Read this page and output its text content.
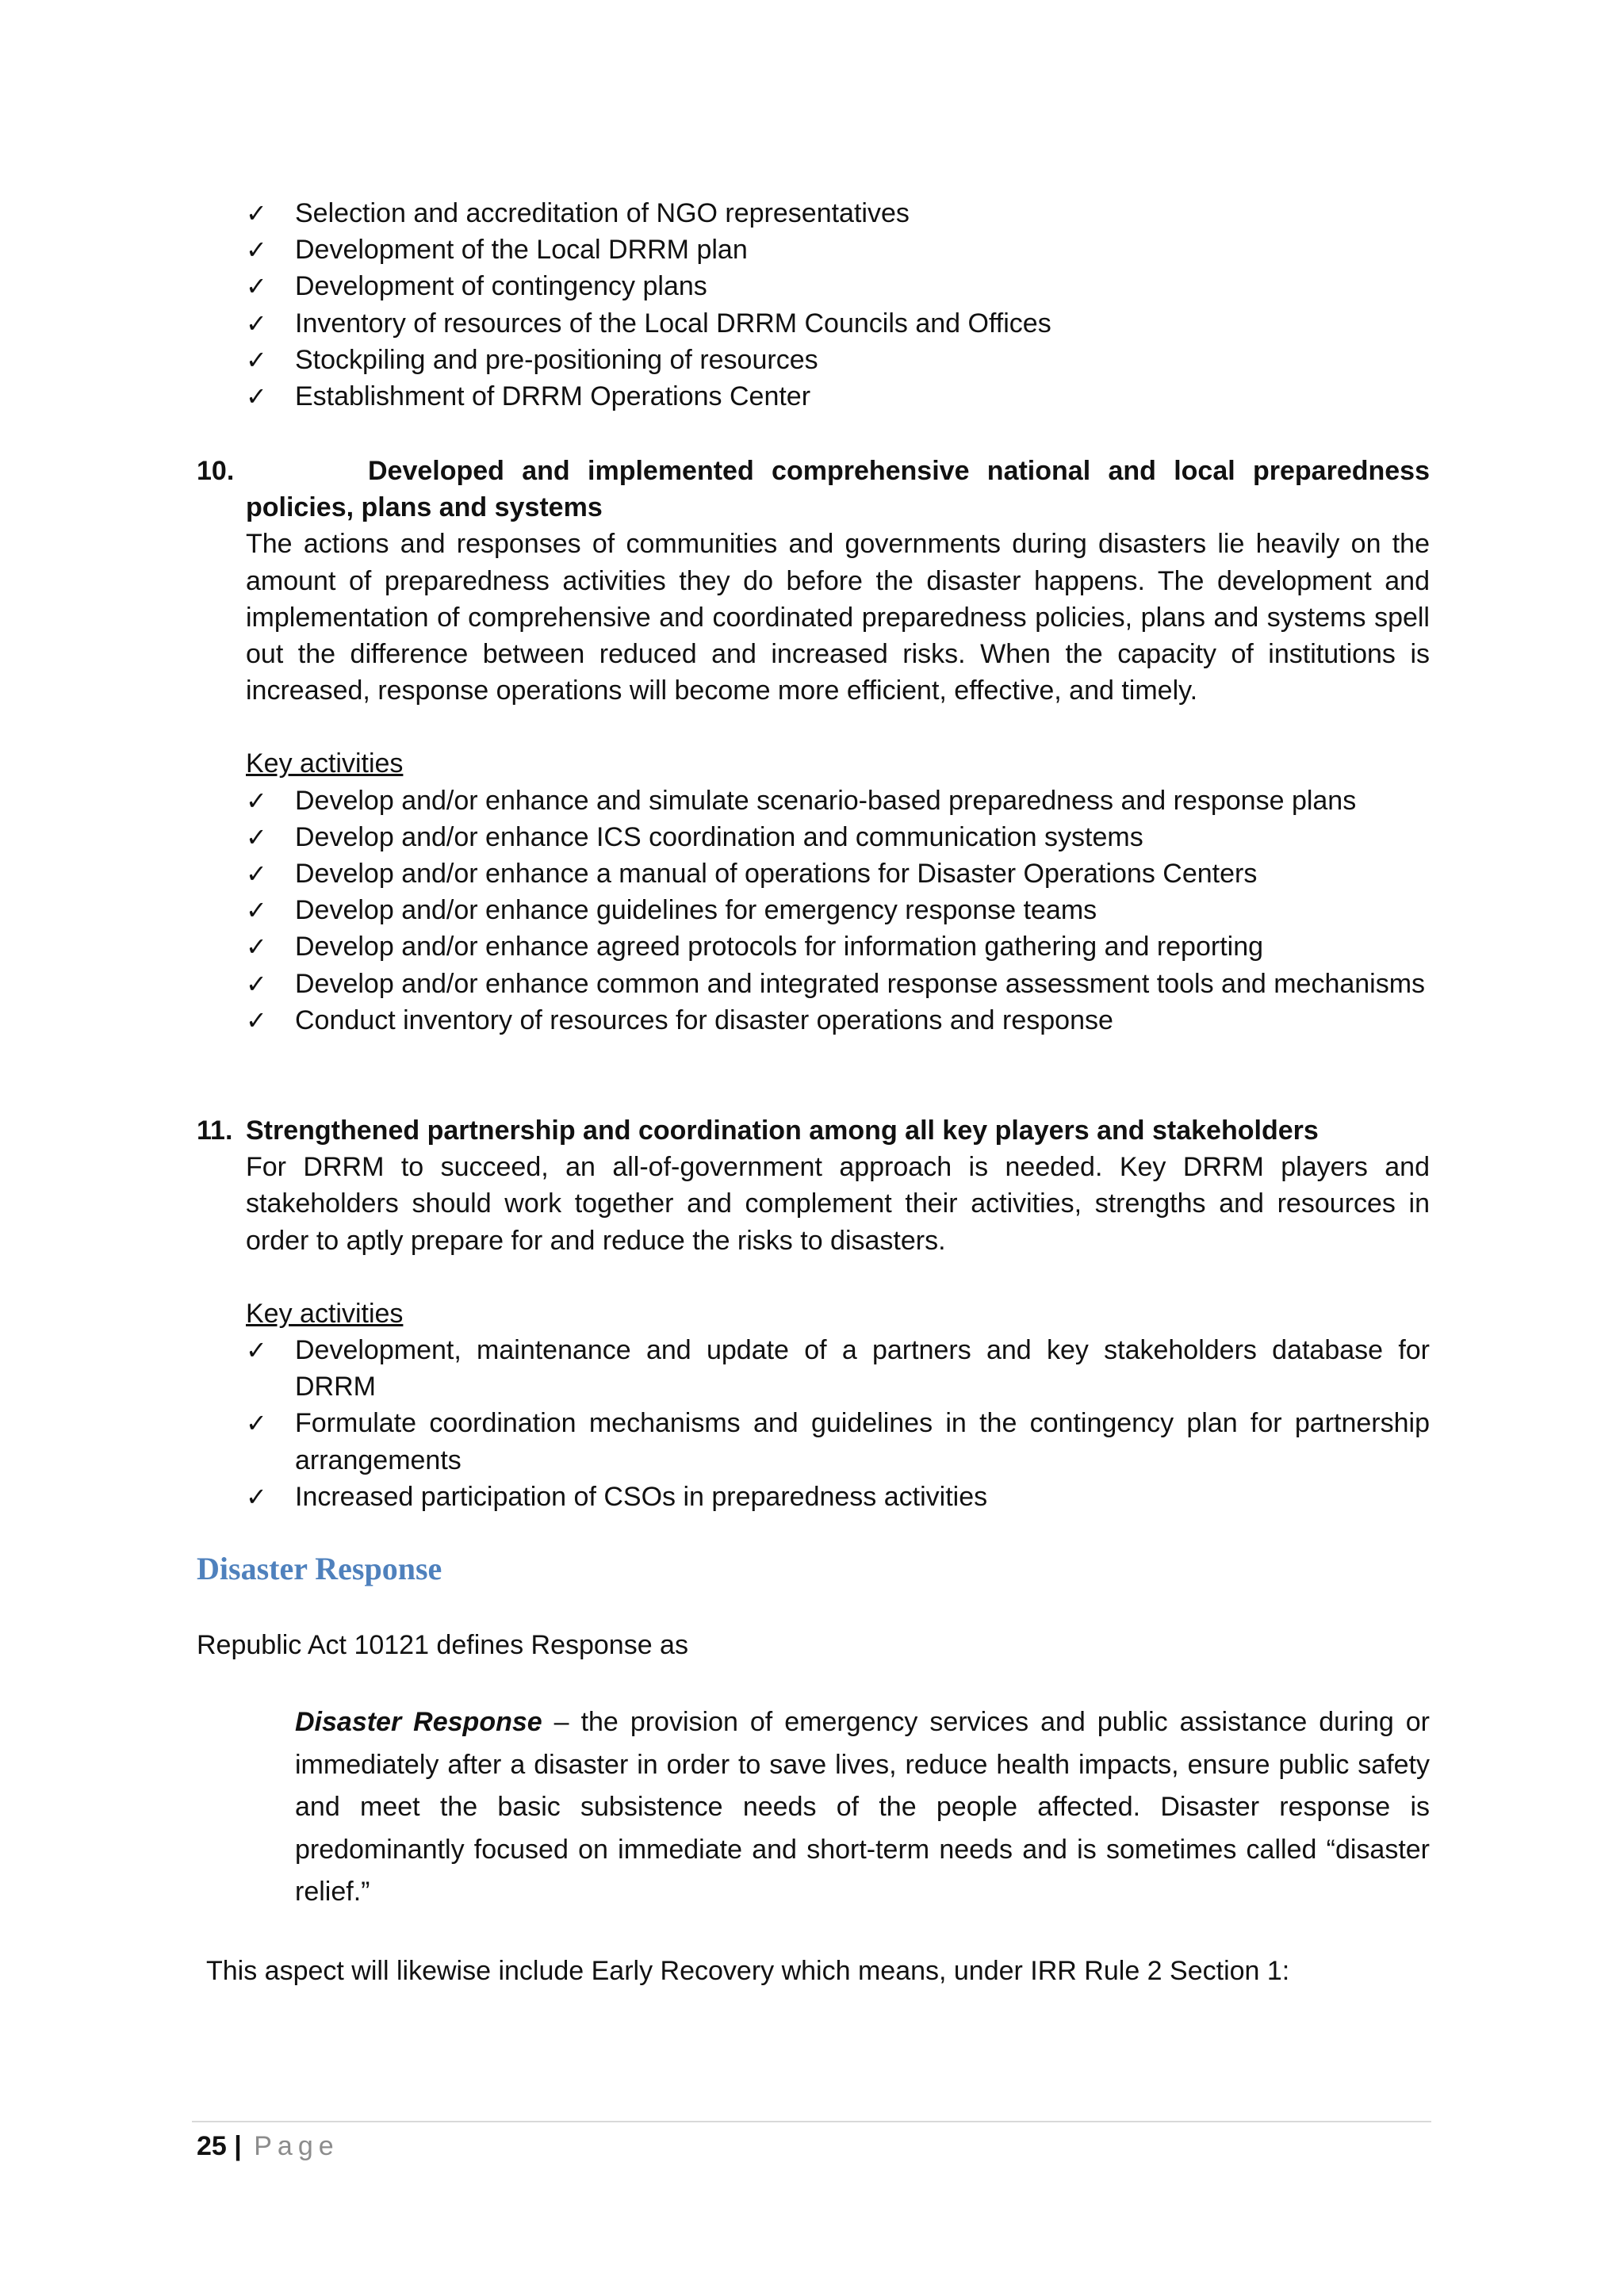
✓ Selection and accreditation of NGO representatives
✓ Development of the Local DRRM plan
✓ Development of contingency plans
✓ Inventory of resources of the Local DRRM Councils and Offices
✓ Stockpiling and pre-positioning of resources
✓ Establishment of DRRM Operations Center
10.	Developed and implemented comprehensive national and local preparedness policies, plans and systems
The actions and responses of communities and governments during disasters lie heavily on the amount of preparedness activities they do before the disaster happens. The development and implementation of comprehensive and coordinated preparedness policies, plans and systems spell out the difference between reduced and increased risks. When the capacity of institutions is increased, response operations will become more efficient, effective, and timely.
Key activities
✓ Develop and/or enhance and simulate scenario-based preparedness and response plans
✓ Develop and/or enhance ICS coordination and communication systems
✓ Develop and/or enhance a manual of operations for Disaster Operations Centers
✓ Develop and/or enhance guidelines for emergency response teams
✓ Develop and/or enhance agreed protocols for information gathering and reporting
✓ Develop and/or enhance common and integrated response assessment tools and mechanisms
✓ Conduct inventory of resources for disaster operations and response
11. Strengthened partnership and coordination among all key players and stakeholders
For DRRM to succeed, an all-of-government approach is needed. Key DRRM players and stakeholders should work together and complement their activities, strengths and resources in order to aptly prepare for and reduce the risks to disasters.
Key activities
✓ Development, maintenance and update of a partners and key stakeholders database for DRRM
✓ Formulate coordination mechanisms and guidelines in the contingency plan for partnership arrangements
✓ Increased participation of CSOs in preparedness activities
Disaster Response
Republic Act 10121 defines Response as
Disaster Response – the provision of emergency services and public assistance during or immediately after a disaster in order to save lives, reduce health impacts, ensure public safety and meet the basic subsistence needs of the people affected. Disaster response is predominantly focused on immediate and short-term needs and is sometimes called “disaster relief.”
This aspect will likewise include Early Recovery which means, under IRR Rule 2 Section 1:
25 | Page
